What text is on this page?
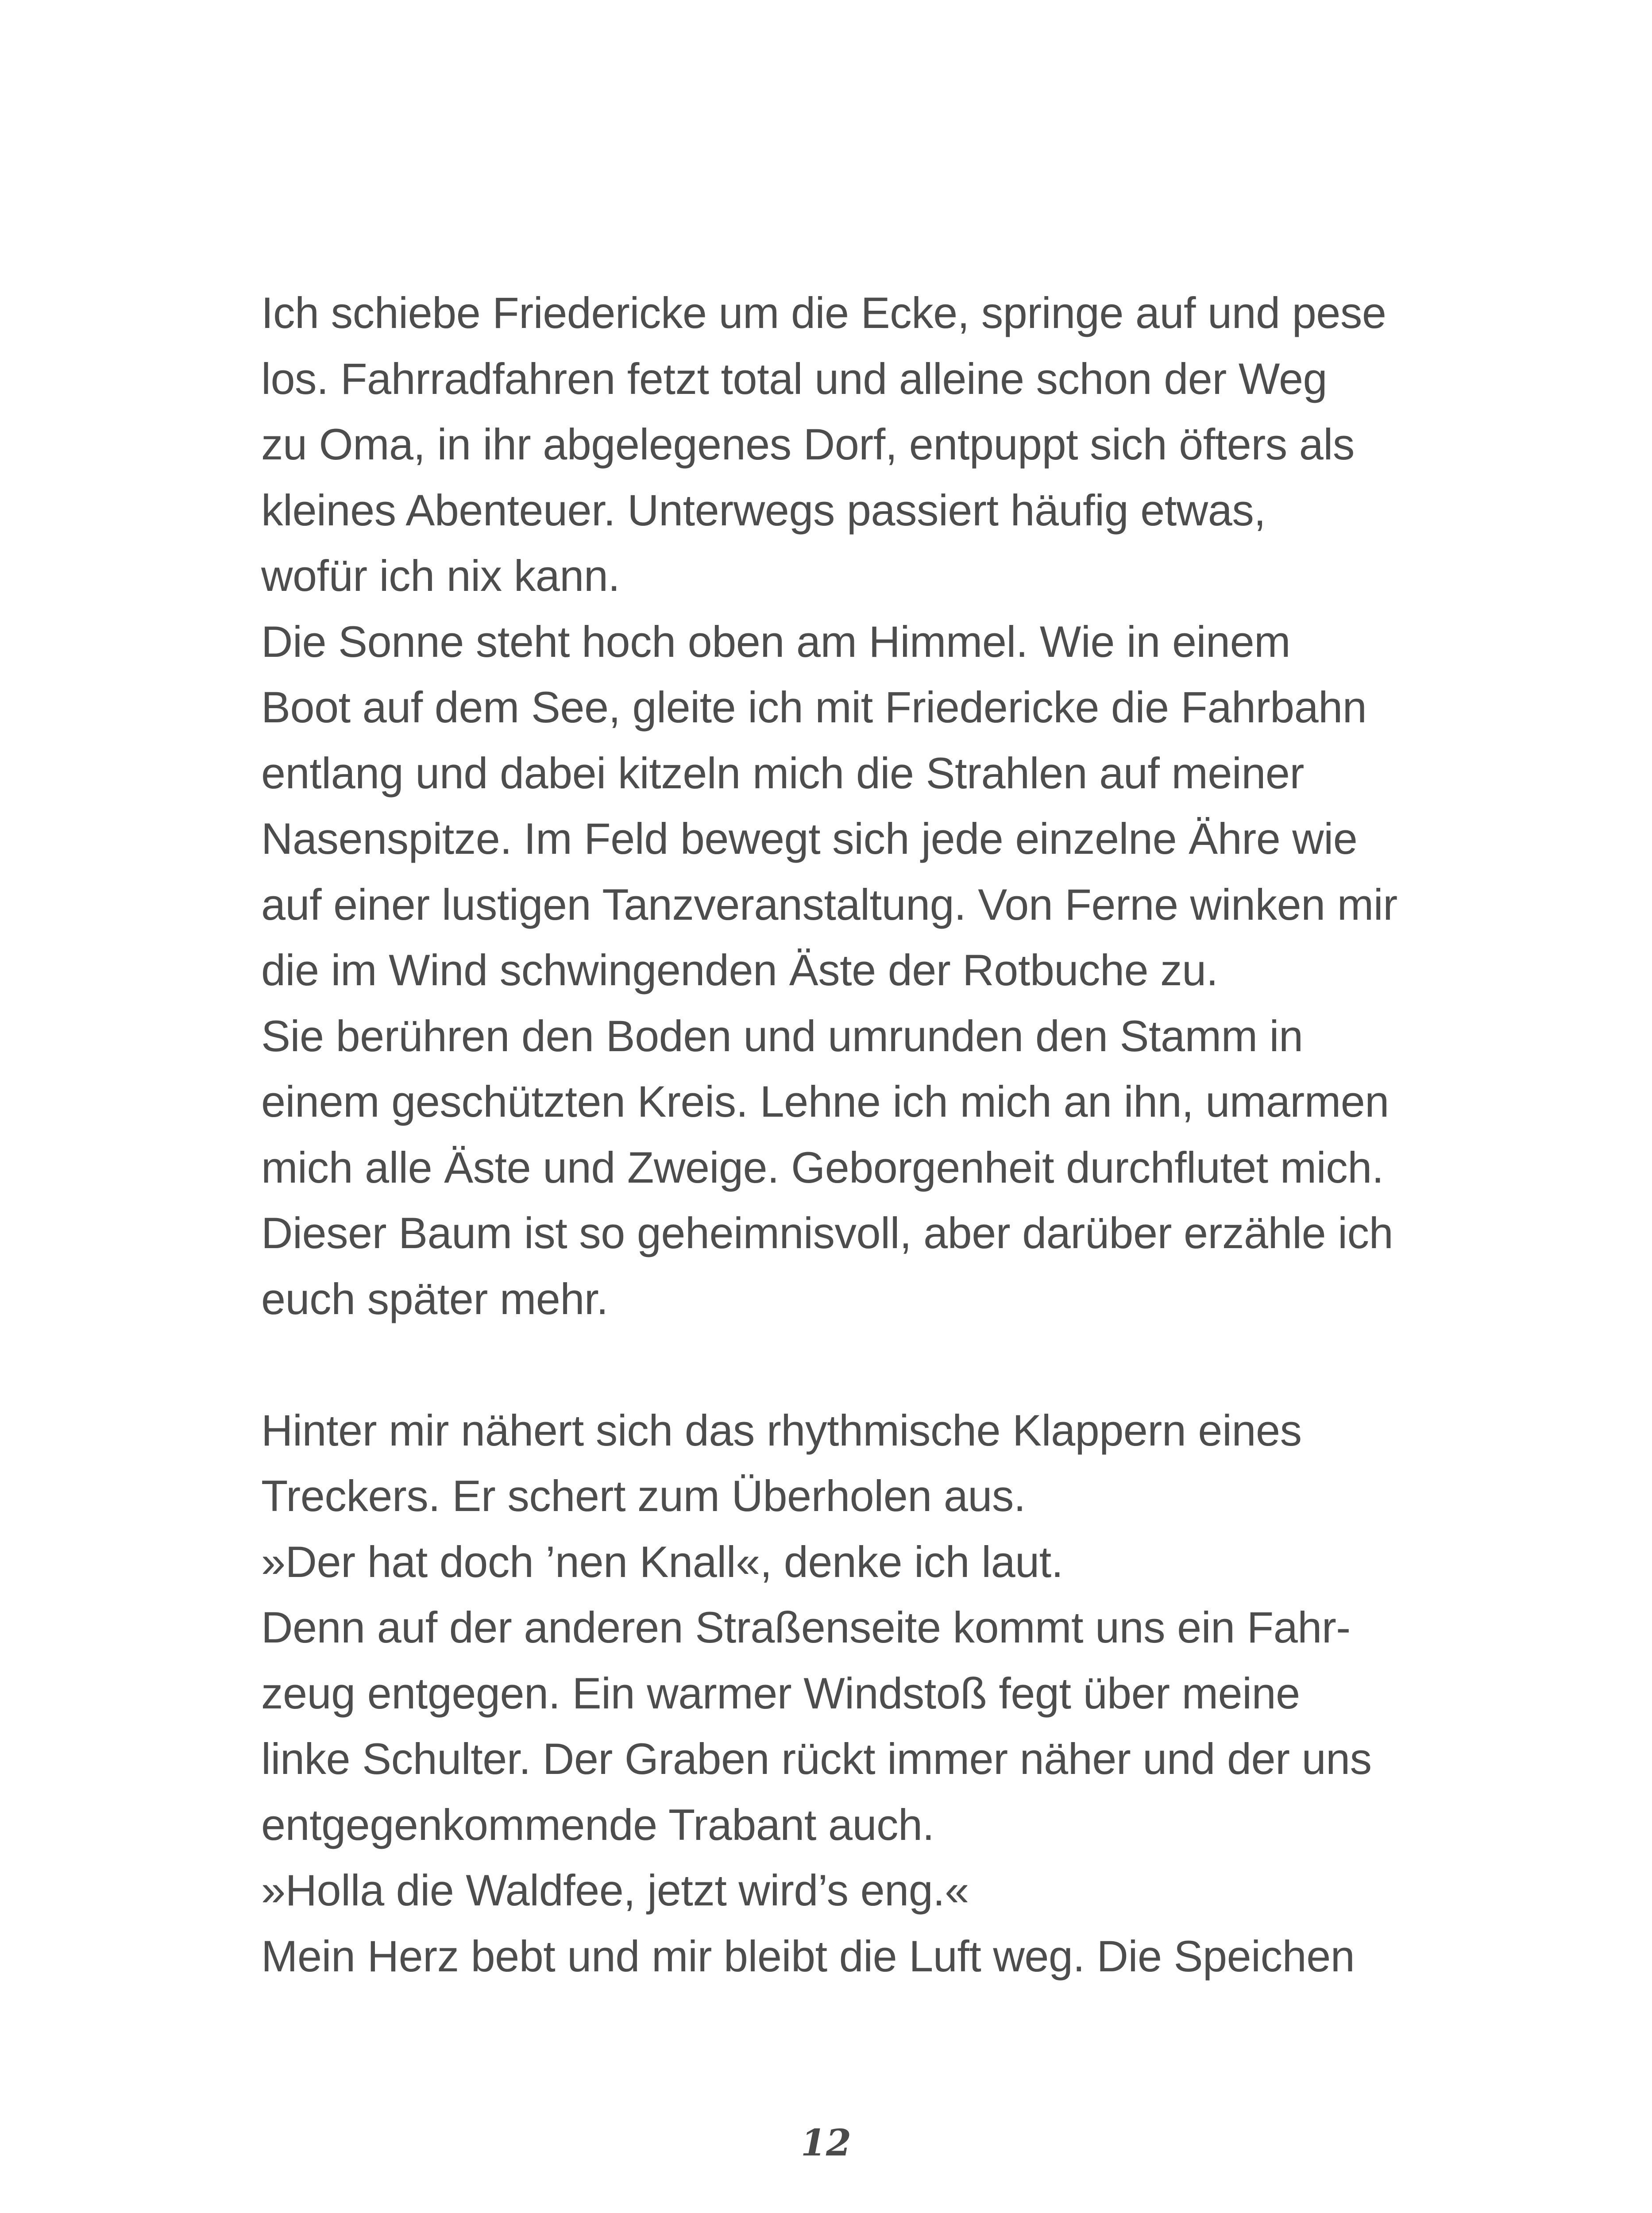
Ich schiebe Friedericke um die Ecke, springe auf und pese
los. Fahrradfahren fetzt total und alleine schon der Weg
zu Oma, in ihr abgelegenes Dorf, entpuppt sich öfters als
kleines Abenteuer. Unterwegs passiert häufig etwas,
wofür ich nix kann.
Die Sonne steht hoch oben am Himmel. Wie in einem
Boot auf dem See, gleite ich mit Friedericke die Fahrbahn
entlang und dabei kitzeln mich die Strahlen auf meiner
Nasenspitze. Im Feld bewegt sich jede einzelne Ähre wie
auf einer lustigen Tanzveranstaltung. Von Ferne winken mir
die im Wind schwingenden Äste der Rotbuche zu.
Sie berühren den Boden und umrunden den Stamm in
einem geschützten Kreis. Lehne ich mich an ihn, umarmen
mich alle Äste und Zweige. Geborgenheit durchflutet mich.
Dieser Baum ist so geheimnisvoll, aber darüber erzähle ich
euch später mehr.
Hinter mir nähert sich das rhythmische Klappern eines
Treckers. Er schert zum Überholen aus.
»Der hat doch ’nen Knall«, denke ich laut.
Denn auf der anderen Straßenseite kommt uns ein Fahr-
zeug entgegen. Ein warmer Windstoß fegt über meine
linke Schulter. Der Graben rückt immer näher und der uns
entgegenkommende Trabant auch.
»Holla die Waldfee, jetzt wird’s eng.«
Mein Herz bebt und mir bleibt die Luft weg. Die Speichen
12
